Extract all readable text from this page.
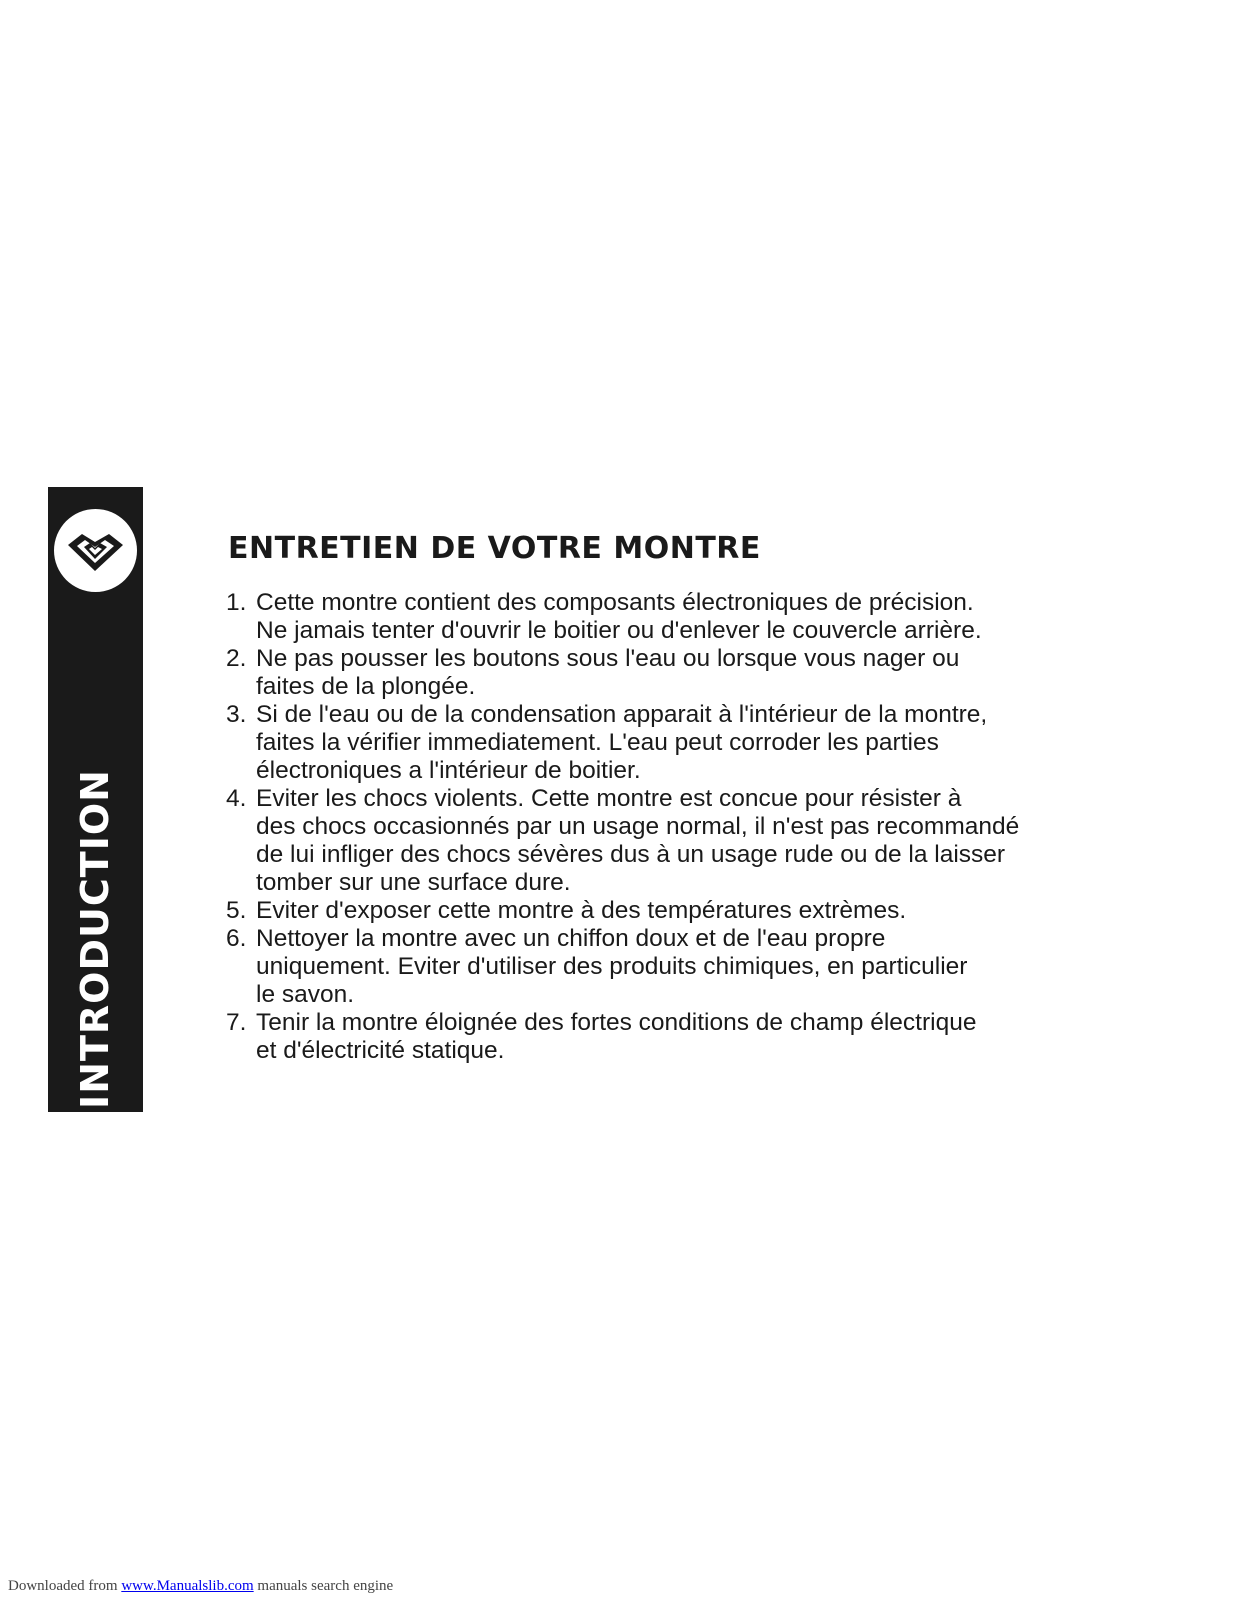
INTRODUCTION
ENTRETIEN DE VOTRE MONTRE
1. Cette montre contient des composants électroniques de précision.
Ne jamais tenter d'ouvrir le boitier ou d'enlever le couvercle arrière.
2. Ne pas pousser les boutons sous l'eau ou lorsque vous nager ou
faites de la plongée.
3. Si de l'eau ou de la condensation apparait à l'intérieur de la montre,
faites la vérifier immediatement. L'eau peut corroder les parties
électroniques a l'intérieur de boitier.
4. Eviter les chocs violents. Cette montre est concue pour résister à
des chocs occasionnés par un usage normal, il n'est pas recommandé
de lui infliger des chocs sévères dus à un usage rude ou de la laisser
tomber sur une surface dure.
5. Eviter d'exposer cette montre à des températures extrèmes.
6. Nettoyer la montre avec un chiffon doux et de l'eau propre
uniquement. Eviter d'utiliser des produits chimiques, en particulier
le savon.
7. Tenir la montre éloignée des fortes conditions de champ électrique
et d'électricité statique.
Downloaded from www.Manualslib.com manuals search engine
